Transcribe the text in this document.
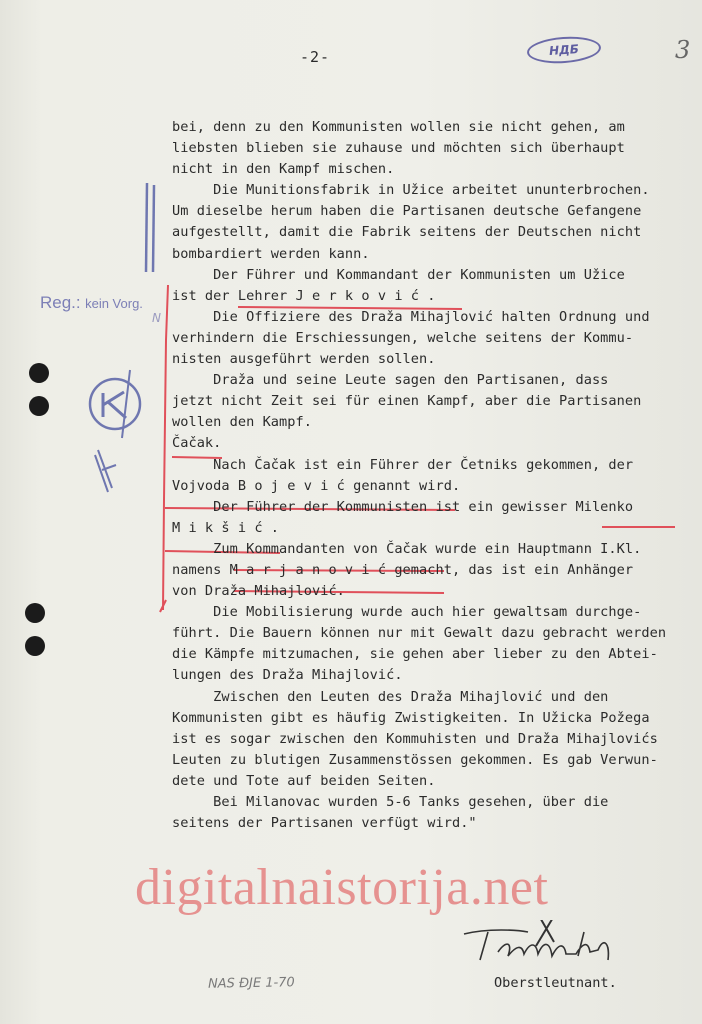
-2-	НДБ	3
Reg.: kein Vorg.
N
bei, denn zu den Kommunisten wollen sie nicht gehen, am
liebsten blieben sie zuhause und möchten sich überhaupt
nicht in den Kampf mischen.
Die Munitionsfabrik in Užice arbeitet ununterbrochen.
Um dieselbe herum haben die Partisanen deutsche Gefangene
aufgestellt, damit die Fabrik seitens der Deutschen nicht
bombardiert werden kann.
Der Führer und Kommandant der Kommunisten um Užice
ist der Lehrer J e r k o v i ć .
Die Offiziere des Draža Mihajlović halten Ordnung und
verhindern die Erschiessungen, welche seitens der Kommu-
nisten ausgeführt werden sollen.
Draža und seine Leute sagen den Partisanen, dass
jetzt nicht Zeit sei für einen Kampf, aber die Partisanen
wollen den Kampf.
Čačak.
Nach Čačak ist ein Führer der Četniks gekommen, der
Vojvoda B o j e v i ć genannt wird.
Der Führer der Kommunisten ist ein gewisser Milenko
M i k š i ć .
Zum Kommandanten von Čačak wurde ein Hauptmann I.Kl.
namens M a r j a n o v i ć gemacht, das ist ein Anhänger
von Draža Mihajlović.
Die Mobilisierung wurde auch hier gewaltsam durchge-
führt. Die Bauern können nur mit Gewalt dazu gebracht werden
die Kämpfe mitzumachen, sie gehen aber lieber zu den Abtei-
lungen des Draža Mihajlović.
Zwischen den Leuten des Draža Mihajlović und den
Kommunisten gibt es häufig Zwistigkeiten. In Užicka Požega
ist es sogar zwischen den Kommuhisten und Draža Mihajlovićs
Leuten zu blutigen Zusammenstössen gekommen. Es gab Verwun-
dete und Tote auf beiden Seiten.
Bei Milanovac wurden 5-6 Tanks gesehen, über die
seitens der Partisanen verfügt wird."
digitalnaistorija.net
Oberstleutnant.
NAS ĐJE 1-70
